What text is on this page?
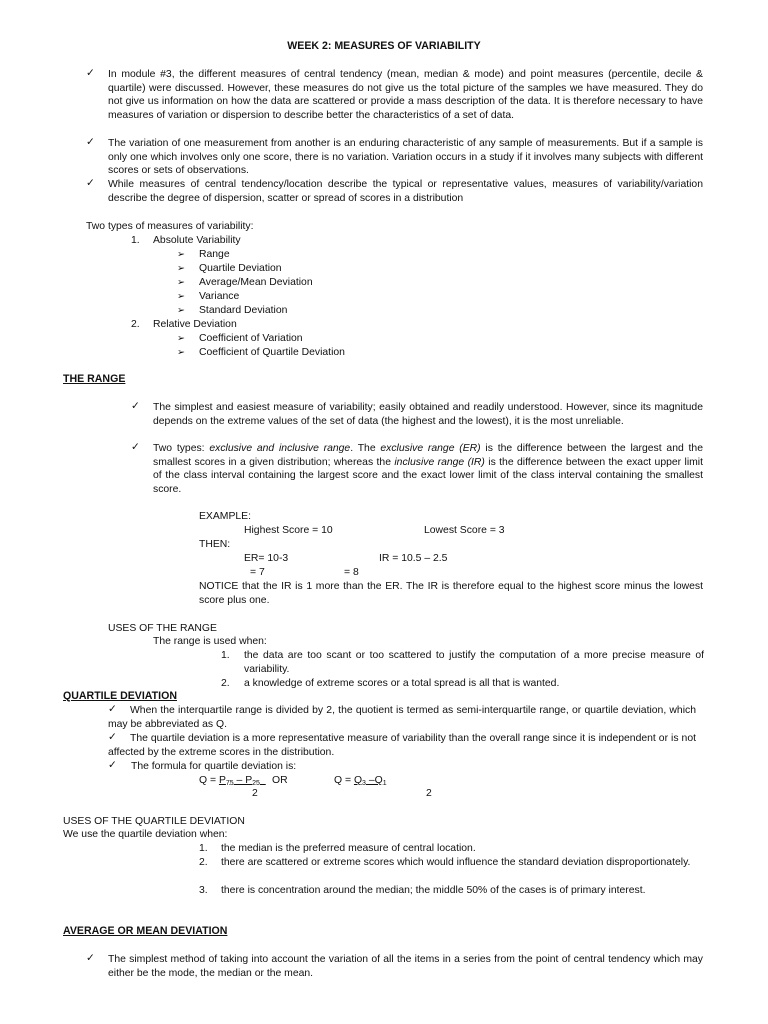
WEEK 2: MEASURES OF VARIABILITY
✓ In module #3, the different measures of central tendency (mean, median & mode) and point measures (percentile, decile & quartile) were discussed. However, these measures do not give us the total picture of the samples we have measured. They do not give us information on how the data are scattered or provide a mass description of the data. It is therefore necessary to have measures of variation or dispersion to describe better the characteristics of a set of data.
✓ The variation of one measurement from another is an enduring characteristic of any sample of measurements. But if a sample is only one which involves only one score, there is no variation. Variation occurs in a study if it involves many subjects with different scores or sets of observations.
✓ While measures of central tendency/location describe the typical or representative values, measures of variability/variation describe the degree of dispersion, scatter or spread of scores in a distribution
Two types of measures of variability:
1. Absolute Variability
➢ Range
➢ Quartile Deviation
➢ Average/Mean Deviation
➢ Variance
➢ Standard Deviation
2. Relative Deviation
➢ Coefficient of Variation
➢ Coefficient of Quartile Deviation
THE RANGE
✓ The simplest and easiest measure of variability; easily obtained and readily understood. However, since its magnitude depends on the extreme values of the set of data (the highest and the lowest), it is the most unreliable.
✓ Two types: exclusive and inclusive range. The exclusive range (ER) is the difference between the largest and the smallest scores in a given distribution; whereas the inclusive range (IR) is the difference between the exact upper limit of the class interval containing the largest score and the exact lower limit of the class interval containing the smallest score.
EXAMPLE:
Highest Score = 10	Lowest Score = 3
THEN:
ER= 10-3	IR = 10.5 – 2.5
= 7	= 8
NOTICE that the IR is 1 more than the ER. The IR is therefore equal to the highest score minus the lowest score plus one.
USES OF THE RANGE
The range is used when:
1. the data are too scant or too scattered to justify the computation of a more precise measure of variability.
2. a knowledge of extreme scores or a total spread is all that is wanted.
QUARTILE DEVIATION
✓	When the interquartile range is divided by 2, the quotient is termed as semi-interquartile range, or quartile deviation, which may be abbreviated as Q.
✓	The quartile deviation is a more representative measure of variability than the overall range since it is independent or is not affected by the extreme scores in the distribution.
✓ The formula for quartile deviation is:
$Q = P_{75} - P_{25}$	OR	$Q = Q_3$ $-Q_1$
2	2
USES OF THE QUARTILE DEVIATION
We use the quartile deviation when:
1. the median is the preferred measure of central location.
2.	there are scattered or extreme scores which would influence the standard deviation disproportionately.
3. there is concentration around the median; the middle 50% of the cases is of primary interest.
AVERAGE OR MEAN DEVIATION
✓ The simplest method of taking into account the variation of all the items in a series from the point of central tendency which may either be the mode, the median or the mean.
